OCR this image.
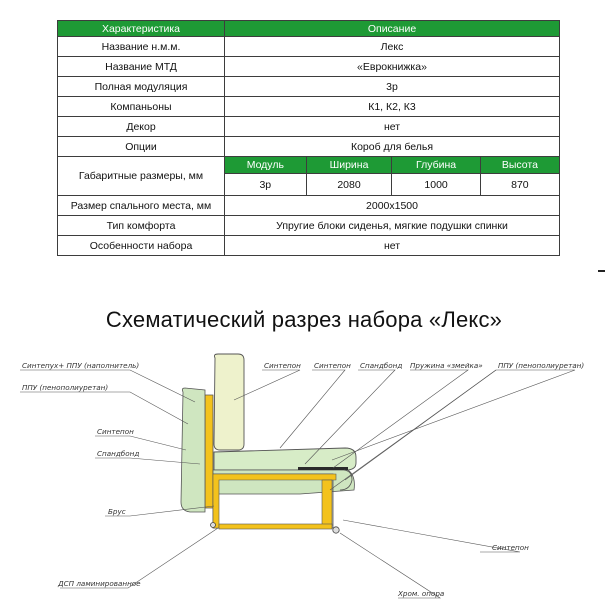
Характеристика	Описание
Название н.м.м.	Лекс
Название МТД	«Еврокнижка»
Полная модуляция	3р
Компаньоны	К1, К2, К3
Декор	нет
Опции	Короб для белья
Габаритные размеры, мм	
Модуль	Ширина	Глубина	Высота
3р	2080	1000	870

Размер спального места, мм	2000х1500
Тип комфорта	Упругие блоки сиденья, мягкие подушки спинки
Особенности набора	нет
Схематический разрез набора «Лекс»
Синтепух+ ППУ (наполнитель)
ППУ (пенополиуретан)
Синтепон
Спандбонд
Брус
ДСП ламинированное
Синтепон Синтепон Спандбонд Пружина «змейка» ППУ (пенополиуретан)
Синтепон
Хром. опора
